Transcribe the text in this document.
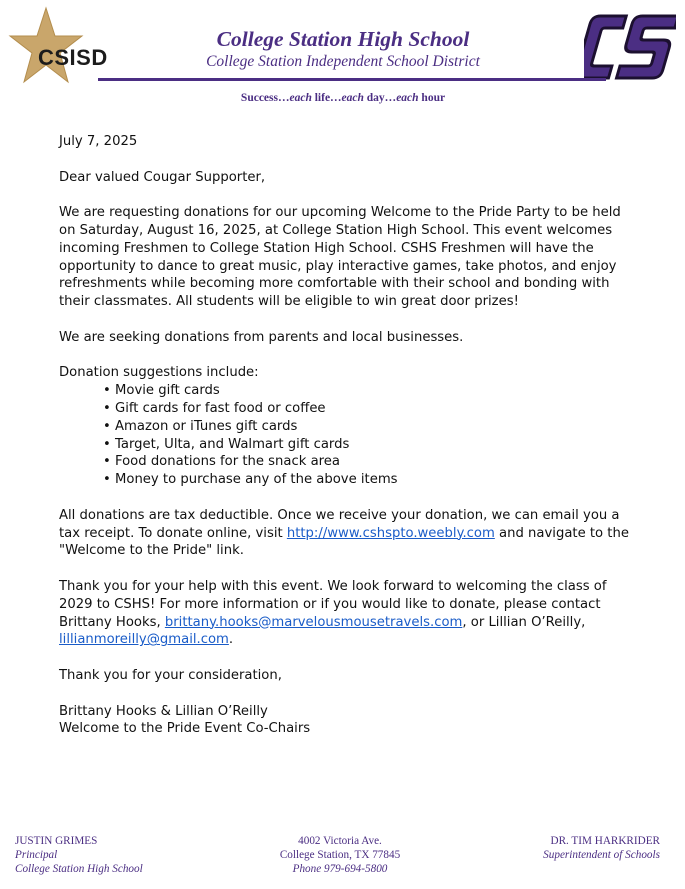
CSISD
College Station High School
College Station Independent School District
Success…each life…each day…each hour

July 7, 2025

Dear valued Cougar Supporter,

We are requesting donations for our upcoming Welcome to the Pride Party to be held on Saturday, August 16, 2025, at College Station High School. This event welcomes incoming Freshmen to College Station High School. CSHS Freshmen will have the opportunity to dance to great music, play interactive games, take photos, and enjoy refreshments while becoming more comfortable with their school and bonding with their classmates. All students will be eligible to win great door prizes!

We are seeking donations from parents and local businesses.

Donation suggestions include:

• Movie gift cards
• Gift cards for fast food or coffee
• Amazon or iTunes gift cards
• Target, Ulta, and Walmart gift cards
• Food donations for the snack area
• Money to purchase any of the above items

All donations are tax deductible. Once we receive your donation, we can email you a tax receipt. To donate online, visit http://www.cshspto.weebly.com and navigate to the "Welcome to the Pride" link.

Thank you for your help with this event. We look forward to welcoming the class of 2029 to CSHS! For more information or if you would like to donate, please contact Brittany Hooks, brittany.hooks@marvelousmousetravels.com, or Lillian O’Reilly, lillianmoreilly@gmail.com.

Thank you for your consideration,

Brittany Hooks & Lillian O’Reilly

Welcome to the Pride Event Co-Chairs

JUSTIN GRIMES
Principal
College Station High School
4002 Victoria Ave.
College Station, TX 77845
Phone 979-694-5800
DR. TIM HARKRIDER
Superintendent of Schools
